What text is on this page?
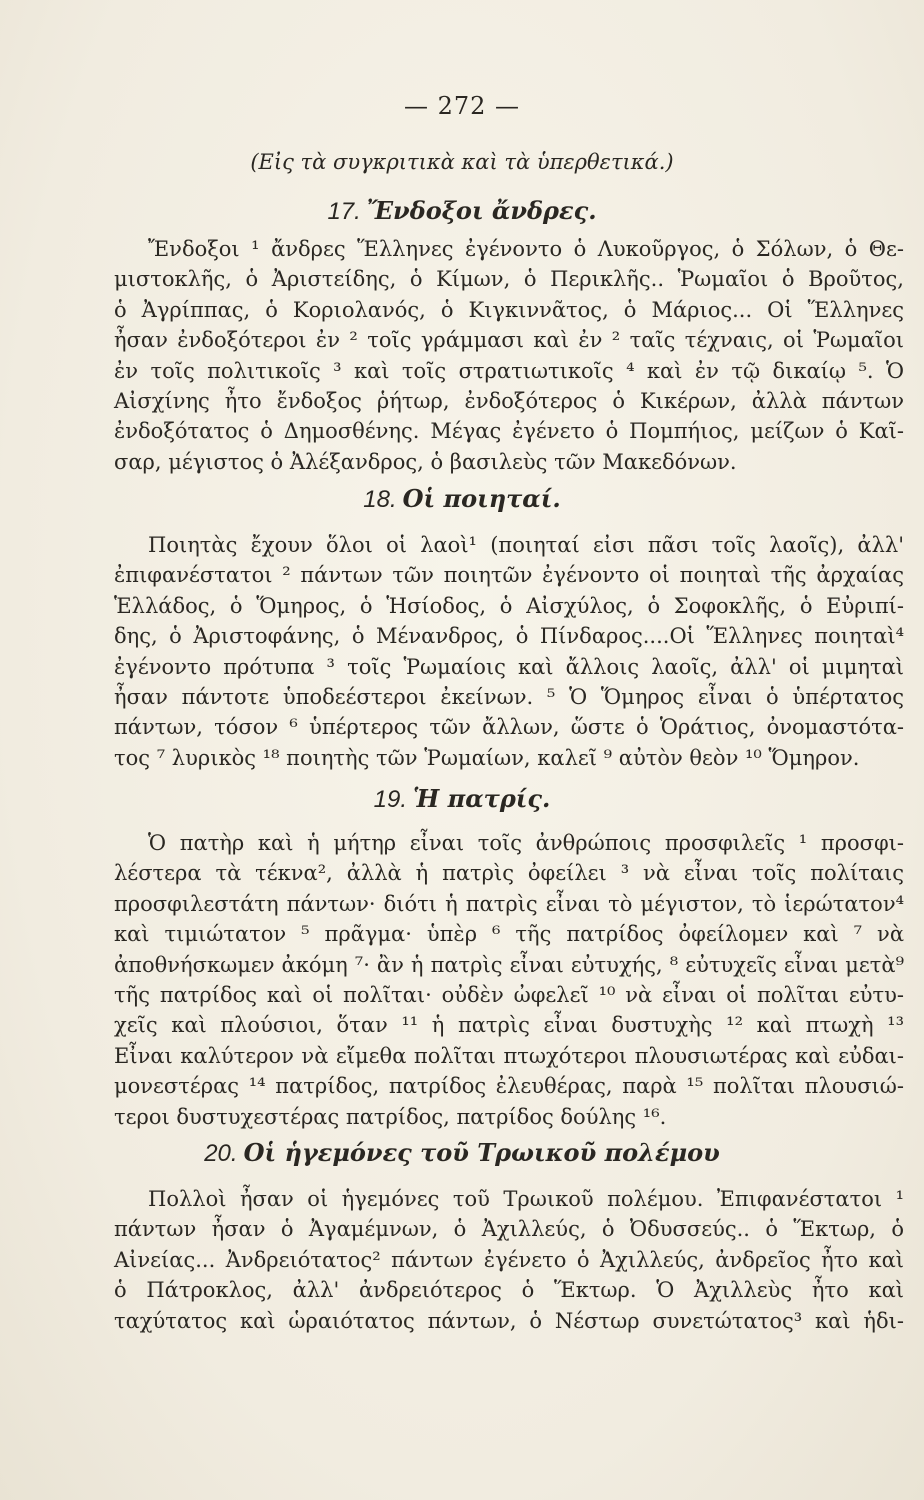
— 272 —
(Εἰς τὰ συγκριτικὰ καὶ τὰ ὑπερθετικά.)
17. Ἔνδοξοι ἄνδρες.

Ἔνδοξοι ¹ ἄνδρες Ἕλληνες ἐγένοντο ὁ Λυκοῦργος, ὁ Σόλων, ὁ Θε-
μιστοκλῆς, ὁ Ἀριστείδης, ὁ Κίμων, ὁ Περικλῆς.. Ῥωμαῖοι ὁ Βροῦτος,
ὁ Ἀγρίππας, ὁ Κοριολανός, ὁ Κιγκιννᾶτος, ὁ Μάριος... Οἱ Ἕλληνες
ἦσαν ἐνδοξότεροι ἐν ² τοῖς γράμμασι καὶ ἐν ² ταῖς τέχναις, οἱ Ῥωμαῖοι
ἐν τοῖς πολιτικοῖς ³ καὶ τοῖς στρατιωτικοῖς ⁴ καὶ ἐν τῷ δικαίῳ ⁵. Ὁ
Αἰσχίνης ἦτο ἔνδοξος ῥήτωρ, ἐνδοξότερος ὁ Κικέρων, ἀλλὰ πάντων
ἐνδοξότατος ὁ Δημοσθένης. Μέγας ἐγένετο ὁ Πομπήιος, μείζων ὁ Καῖ-
σαρ, μέγιστος ὁ Ἀλέξανδρος, ὁ βασιλεὺς τῶν Μακεδόνων.

18. Οἱ ποιηταί.

Ποιητὰς ἔχουν ὅλοι οἱ λαοὶ¹ (ποιηταί εἰσι πᾶσι τοῖς λαοῖς), ἀλλ'
ἐπιφανέστατοι ² πάντων τῶν ποιητῶν ἐγένοντο οἱ ποιηταὶ τῆς ἀρχαίας
Ἑλλάδος, ὁ Ὅμηρος, ὁ Ἡσίοδος, ὁ Αἰσχύλος, ὁ Σοφοκλῆς, ὁ Εὐριπί-
δης, ὁ Ἀριστοφάνης, ὁ Μένανδρος, ὁ Πίνδαρος....Οἱ Ἕλληνες ποιηταὶ⁴
ἐγένοντο πρότυπα ³ τοῖς Ῥωμαίοις καὶ ἄλλοις λαοῖς, ἀλλ' οἱ μιμηταὶ
ἦσαν πάντοτε ὑποδεέστεροι ἐκείνων. ⁵ Ὁ Ὅμηρος εἶναι ὁ ὑπέρτατος
πάντων, τόσον ⁶ ὑπέρτερος τῶν ἄλλων, ὥστε ὁ Ὁράτιος, ὀνομαστότα-
τος ⁷ λυρικὸς ¹⁸ ποιητὴς τῶν Ῥωμαίων, καλεῖ ⁹ αὐτὸν θεὸν ¹⁰ Ὅμηρον.

19. Ἡ πατρίς.

Ὁ πατὴρ καὶ ἡ μήτηρ εἶναι τοῖς ἀνθρώποις προσφιλεῖς ¹ προσφι-
λέστερα τὰ τέκνα², ἀλλὰ ἡ πατρὶς ὀφείλει ³ νὰ εἶναι τοῖς πολίταις
προσφιλεστάτη πάντων· διότι ἡ πατρὶς εἶναι τὸ μέγιστον, τὸ ἱερώτατον⁴
καὶ τιμιώτατον ⁵ πρᾶγμα· ὑπὲρ ⁶ τῆς πατρίδος ὀφείλομεν καὶ ⁷ νὰ
ἀποθνήσκωμεν ἀκόμη ⁷· ἂν ἡ πατρὶς εἶναι εὐτυχής, ⁸ εὐτυχεῖς εἶναι μετὰ⁹
τῆς πατρίδος καὶ οἱ πολῖται· οὐδὲν ὠφελεῖ ¹⁰ νὰ εἶναι οἱ πολῖται εὐτυ-
χεῖς καὶ πλούσιοι, ὅταν ¹¹ ἡ πατρὶς εἶναι δυστυχὴς ¹² καὶ πτωχὴ ¹³
Εἶναι καλύτερον νὰ εἴμεθα πολῖται πτωχότεροι πλουσιωτέρας καὶ εὐδαι-
μονεστέρας ¹⁴ πατρίδος, πατρίδος ἐλευθέρας, παρὰ ¹⁵ πολῖται πλουσιώ-
τεροι δυστυχεστέρας πατρίδος, πατρίδος δούλης ¹⁶.

20. Οἱ ἡγεμόνες τοῦ Τρωικοῦ πολέμου

Πολλοὶ ἦσαν οἱ ἡγεμόνες τοῦ Τρωικοῦ πολέμου. Ἐπιφανέστατοι ¹
πάντων ἦσαν ὁ Ἀγαμέμνων, ὁ Ἀχιλλεύς, ὁ Ὀδυσσεύς.. ὁ Ἕκτωρ, ὁ
Αἰνείας... Ἀνδρειότατος² πάντων ἐγένετο ὁ Ἀχιλλεύς, ἀνδρεῖος ἦτο καὶ
ὁ Πάτροκλος, ἀλλ' ἀνδρειότερος ὁ Ἕκτωρ. Ὁ Ἀχιλλεὺς ἦτο καὶ
ταχύτατος καὶ ὡραιότατος πάντων, ὁ Νέστωρ συνετώτατος³ καὶ ἡδι-
